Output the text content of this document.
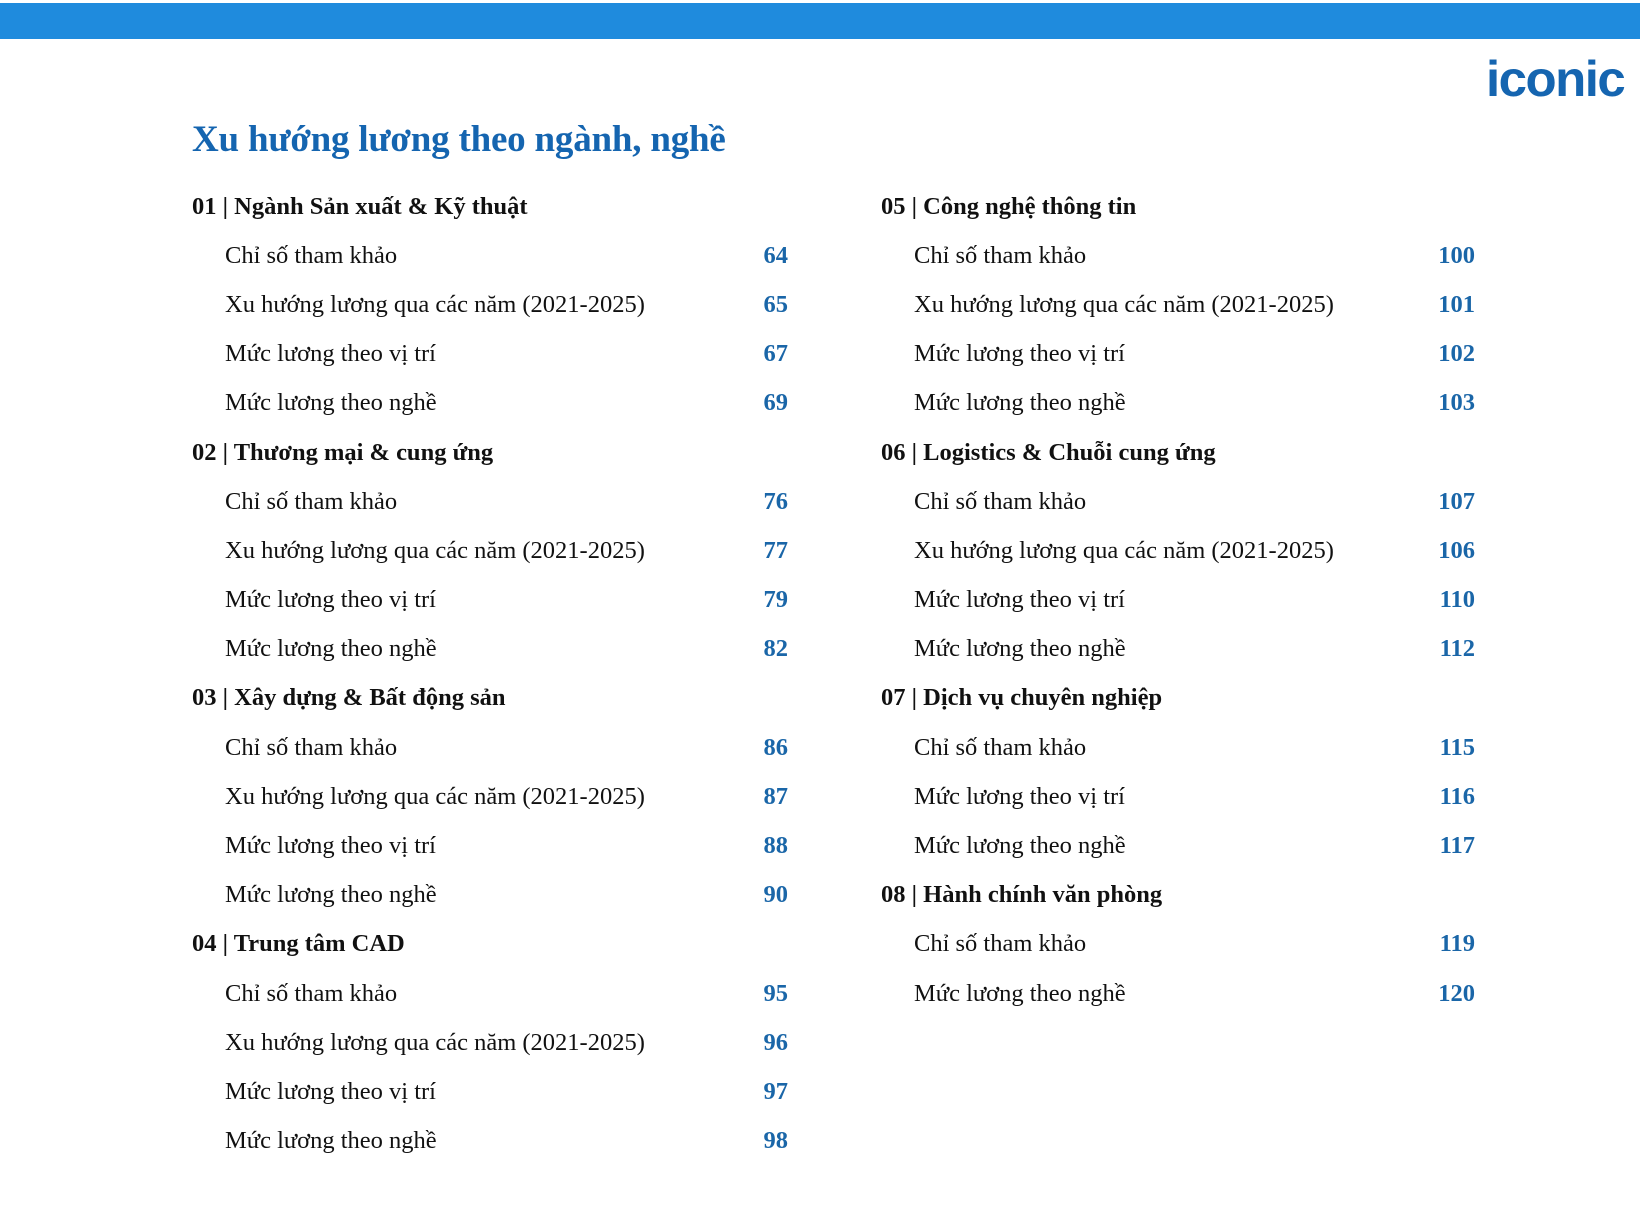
iconic
Xu hướng lương theo ngành, nghề
01 | Ngành Sản xuất & Kỹ thuật
Chỉ số tham khảo	64
Xu hướng lương qua các năm (2021-2025)	65
Mức lương theo vị trí	67
Mức lương theo nghề	69
02 | Thương mại & cung ứng
Chỉ số tham khảo	76
Xu hướng lương qua các năm (2021-2025)	77
Mức lương theo vị trí	79
Mức lương theo nghề	82
03 | Xây dựng & Bất động sản
Chỉ số tham khảo	86
Xu hướng lương qua các năm (2021-2025)	87
Mức lương theo vị trí	88
Mức lương theo nghề	90
04 | Trung tâm CAD
Chỉ số tham khảo	95
Xu hướng lương qua các năm (2021-2025)	96
Mức lương theo vị trí	97
Mức lương theo nghề	98
05 | Công nghệ thông tin
Chỉ số tham khảo	100
Xu hướng lương qua các năm (2021-2025)	101
Mức lương theo vị trí	102
Mức lương theo nghề	103
06 | Logistics & Chuỗi cung ứng
Chỉ số tham khảo	107
Xu hướng lương qua các năm (2021-2025)	106
Mức lương theo vị trí	110
Mức lương theo nghề	112
07 | Dịch vụ chuyên nghiệp
Chỉ số tham khảo	115
Mức lương theo vị trí	116
Mức lương theo nghề	117
08 | Hành chính văn phòng
Chỉ số tham khảo	119
Mức lương theo nghề	120
